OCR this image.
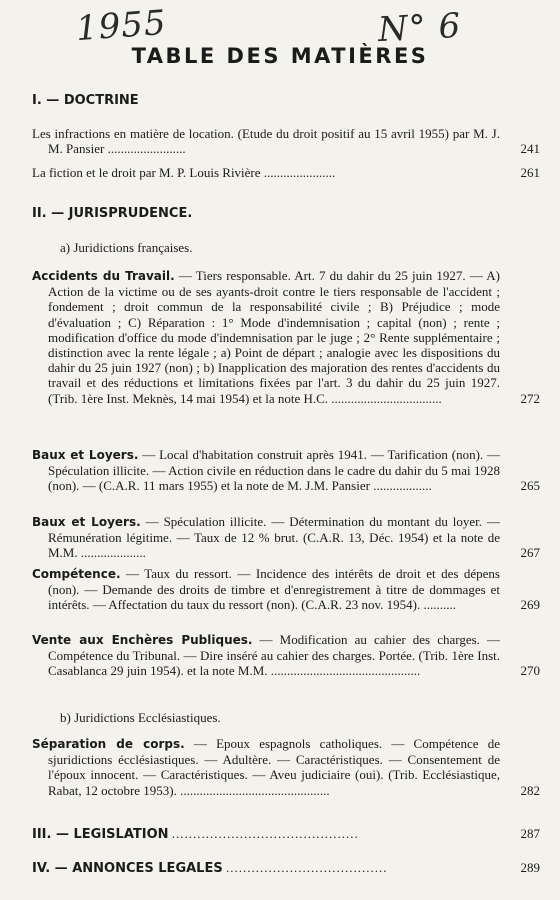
1955	N° 6
TABLE DES MATIÈRES
I. — DOCTRINE
Les infractions en matière de location. (Etude du droit positif au 15 avril 1955) par M. J. M. Pansier ........................	241
La fiction et le droit par M. P. Louis Rivière ......................	261
II. — JURISPRUDENCE.
a) Juridictions françaises.
Accidents du Travail. — Tiers responsable. Art. 7 du dahir du 25 juin 1927. — A) Action de la victime ou de ses ayants-droit contre le tiers responsable de l'accident ; fondement ; droit commun de la responsabilité civile ; B) Préjudice ; mode d'évaluation ; C) Réparation : 1° Mode d'indemnisation ; capital (non) ; rente ; modification d'office du mode d'indemnisation par le juge ; 2° Rente supplémentaire ; distinction avec la rente légale ; a) Point de départ ; analogie avec les dispositions du dahir du 25 juin 1927 (non) ; b) Inapplication des majoration des rentes d'accidents du travail et des réductions et limitations fixées par l'art. 3 du dahir du 25 juin 1927. (Trib. 1ère Inst. Meknès, 14 mai 1954) et la note H.C. ..................................	272
Baux et Loyers. — Local d'habitation construit après 1941. — Tarification (non). — Spéculation illicite. — Action civile en réduction dans le cadre du dahir du 5 mai 1928 (non). — (C.A.R. 11 mars 1955) et la note de M. J.M. Pansier ..................	265
Baux et Loyers. — Spéculation illicite. — Détermination du montant du loyer. — Rémunération légitime. — Taux de 12 % brut. (C.A.R. 13, Déc. 1954) et la note de M.M. ....................	267
Compétence. — Taux du ressort. — Incidence des intérêts de droit et des dépens (non). — Demande des droits de timbre et d'enregistrement à titre de dommages et intérêts. — Affectation du taux du ressort (non). (C.A.R. 23 nov. 1954). ..........	269
Vente aux Enchères Publiques. — Modification au cahier des charges. — Compétence du Tribunal. — Dire inséré au cahier des charges. Portée. (Trib. 1ère Inst. Casablanca 29 juin 1954). et la note M.M. ..............................................	270
b) Juridictions Ecclésiastiques.
Séparation de corps. — Epoux espagnols catholiques. — Compétence de sjuridictions écclésiastiques. — Adultère. — Caractéristiques. — Consentement de l'époux innocent. — Caractéristiques. — Aveu judiciaire (oui). (Trib. Ecclésiastique, Rabat, 12 octobre 1953). ..............................................	282
III. — LEGISLATION ............................................	287
IV. — ANNONCES LEGALES ......................................	289
